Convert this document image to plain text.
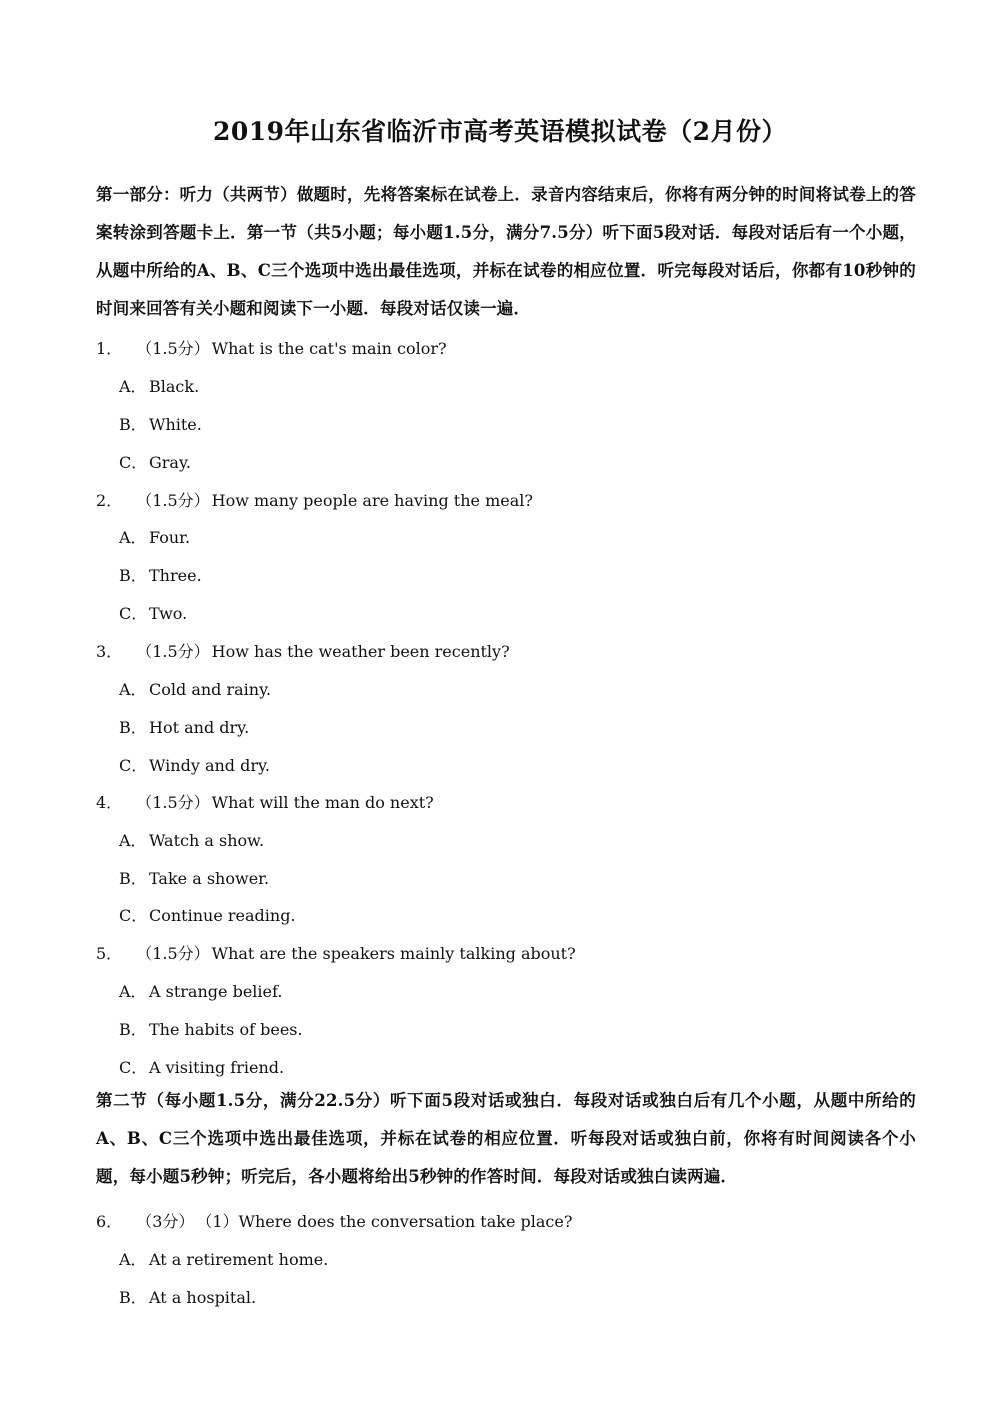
2019年山东省临沂市高考英语模拟试卷（2月份）

第一部分：听力（共两节）做题时，先将答案标在试卷上．录音内容结束后，你将有两分钟的时间将试卷上的答案转涂到答题卡上．第一节（共5小题；每小题1.5分，满分7.5分）听下面5段对话．每段对话后有一个小题，从题中所给的A、B、C三个选项中选出最佳选项，并标在试卷的相应位置．听完每段对话后，你都有10秒钟的时间来回答有关小题和阅读下一小题．每段对话仅读一遍．

1． （1.5分） What is the cat's main color?
A． Black.
B． White.
C． Gray.
2． （1.5分） How many people are having the meal?
A． Four.
B． Three.
C． Two.
3． （1.5分） How has the weather been recently?
A． Cold and rainy.
B． Hot and dry.
C． Windy and dry.
4． （1.5分） What will the man do next?
A． Watch a show.
B． Take a shower.
C． Continue reading.
5． （1.5分） What are the speakers mainly talking about?
A． A strange belief.
B． The habits of bees.
C． A visiting friend.

第二节（每小题1.5分，满分22.5分）听下面5段对话或独白．每段对话或独白后有几个小题，从题中所给的A、B、C三个选项中选出最佳选项，并标在试卷的相应位置．听每段对话或独白前，你将有时间阅读各个小题，每小题5秒钟；听完后，各小题将给出5秒钟的作答时间．每段对话或独白读两遍．

6． （3分） （1）Where does the conversation take place?
A． At a retirement home.
B． At a hospital.
